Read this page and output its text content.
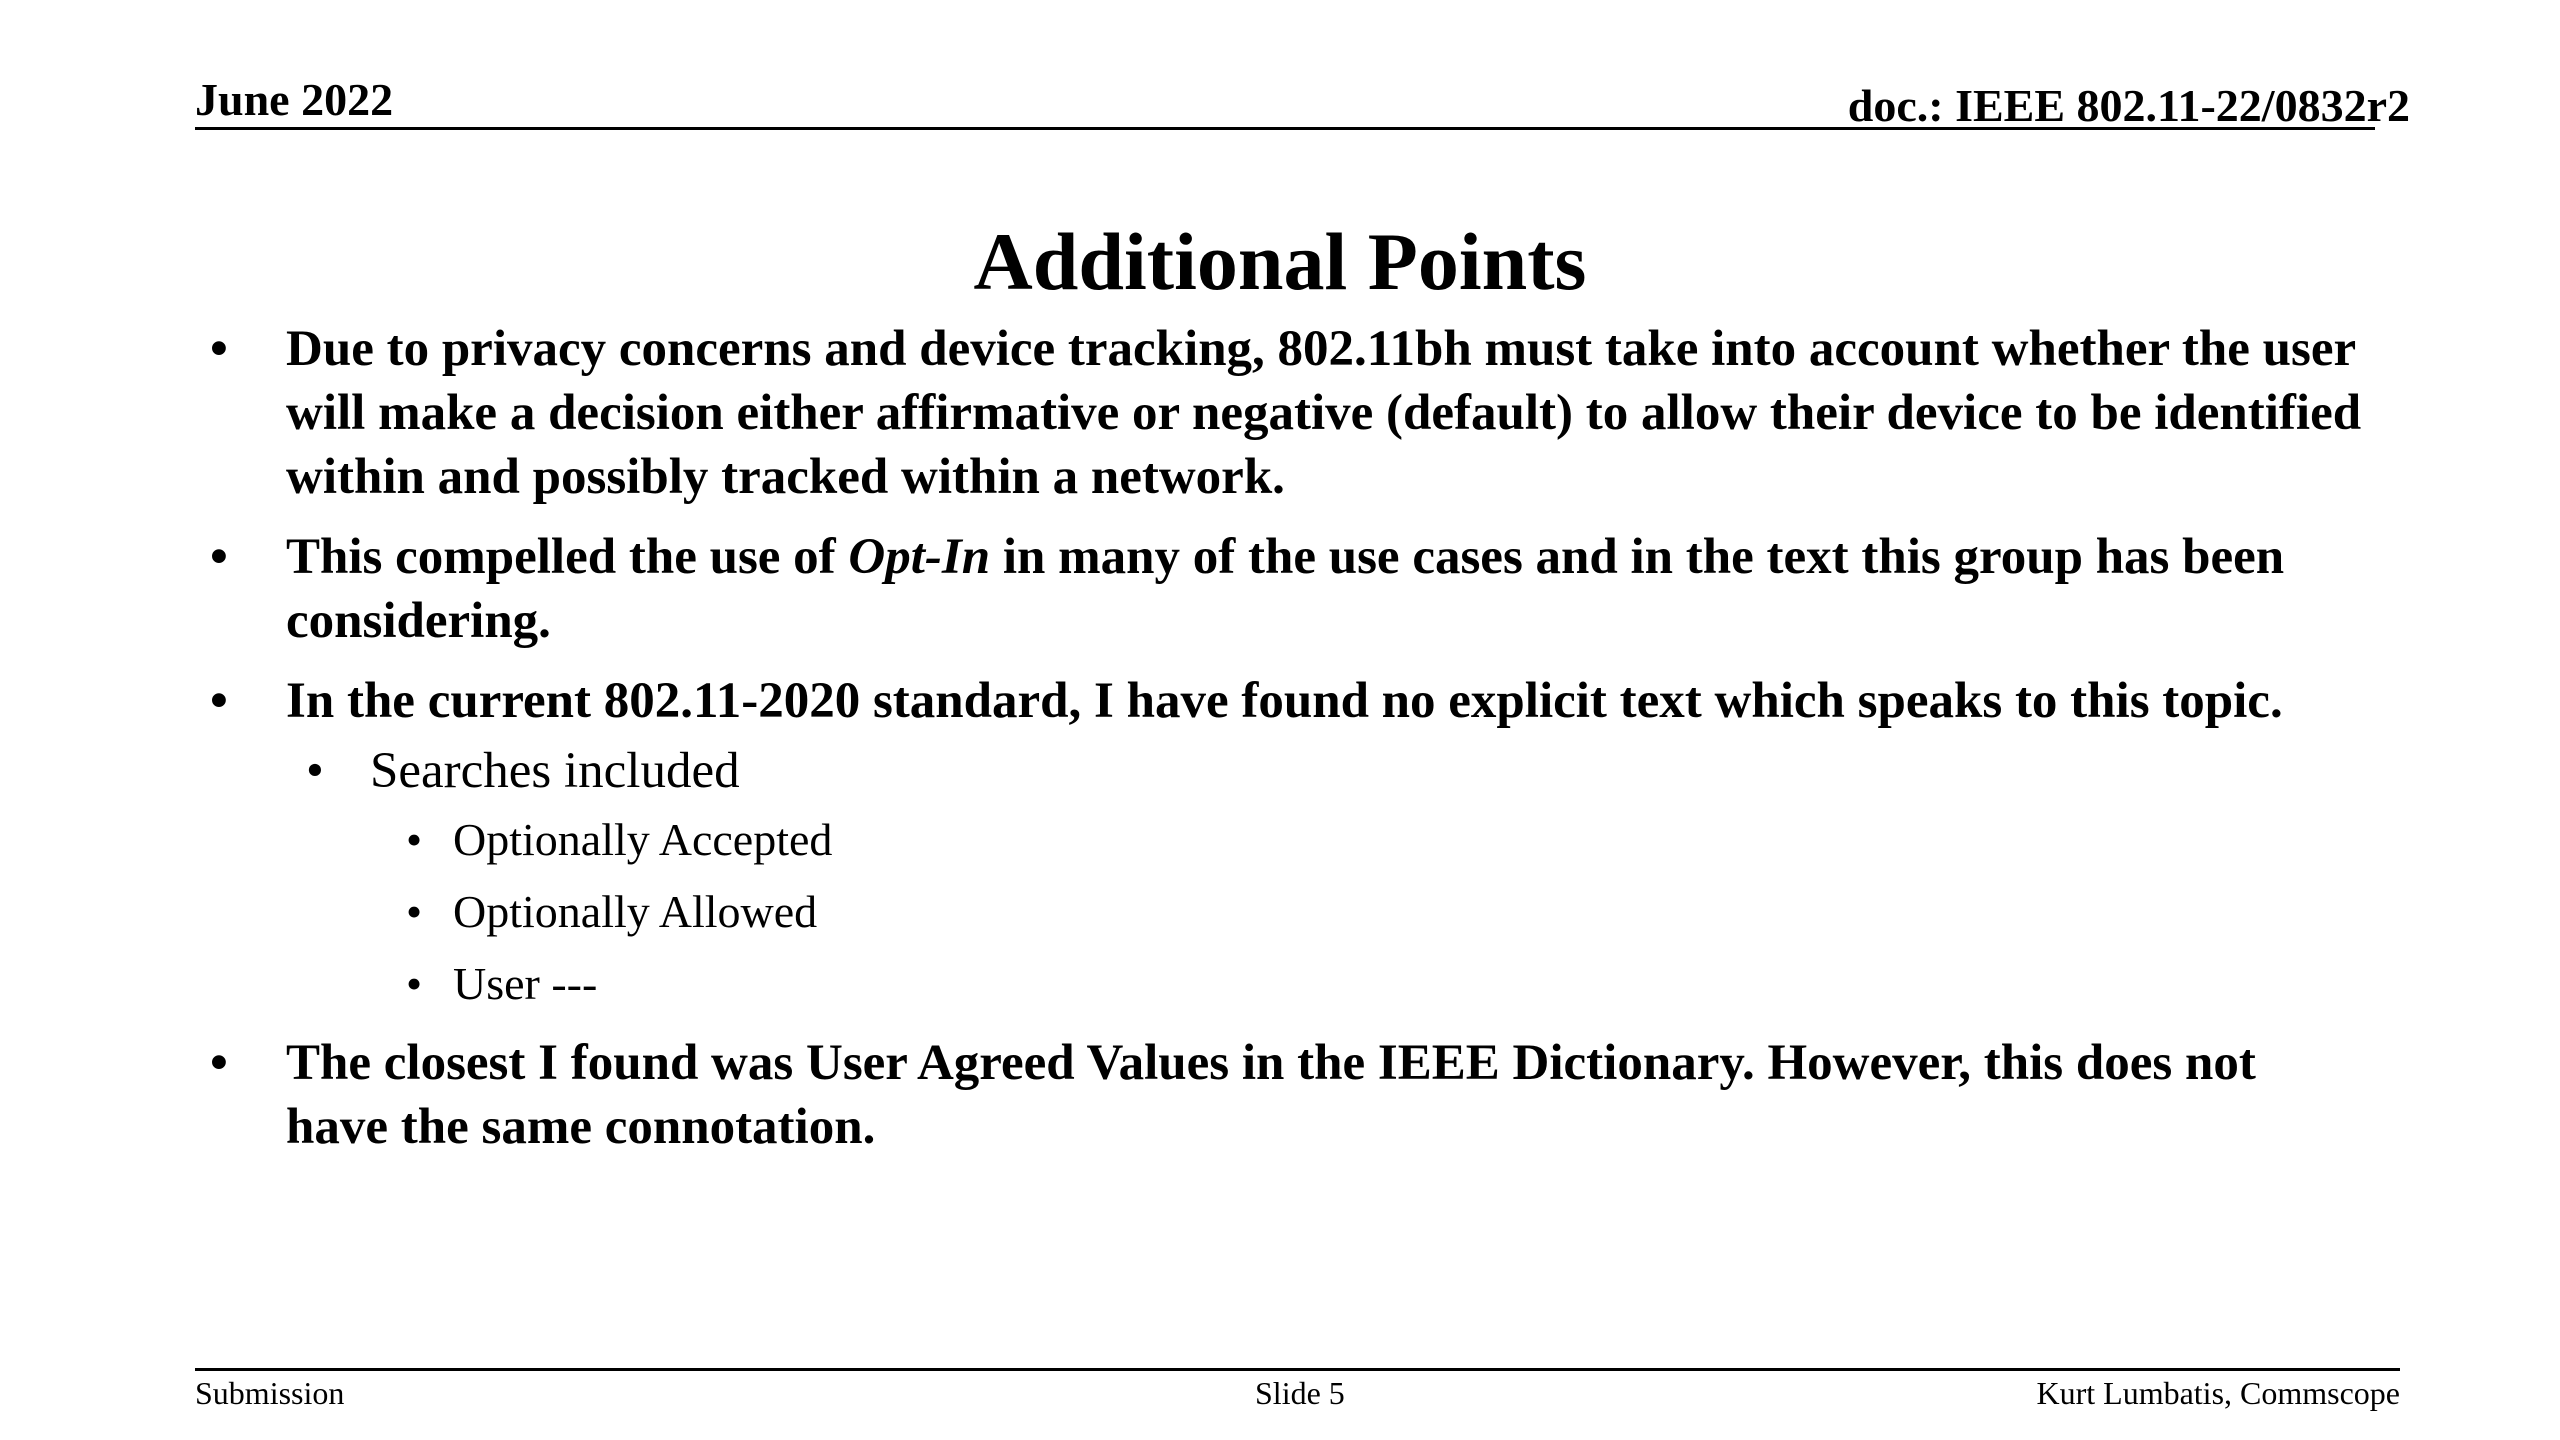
June 2022	doc.: IEEE 802.11-22/0832r2
Additional Points
• Due to privacy concerns and device tracking, 802.11bh must take into account whether the user will make a decision either affirmative or negative (default) to allow their device to be identified within and possibly tracked within a network.
• This compelled the use of Opt-In in many of the use cases and in the text this group has been considering.
• In the current 802.11-2020 standard, I have found no explicit text which speaks to this topic.
• Searches included
• Optionally Accepted
• Optionally Allowed
• User ---
• The closest I found was User Agreed Values in the IEEE Dictionary. However, this does not have the same connotation.
Submission	Slide 5	Kurt Lumbatis, Commscope
